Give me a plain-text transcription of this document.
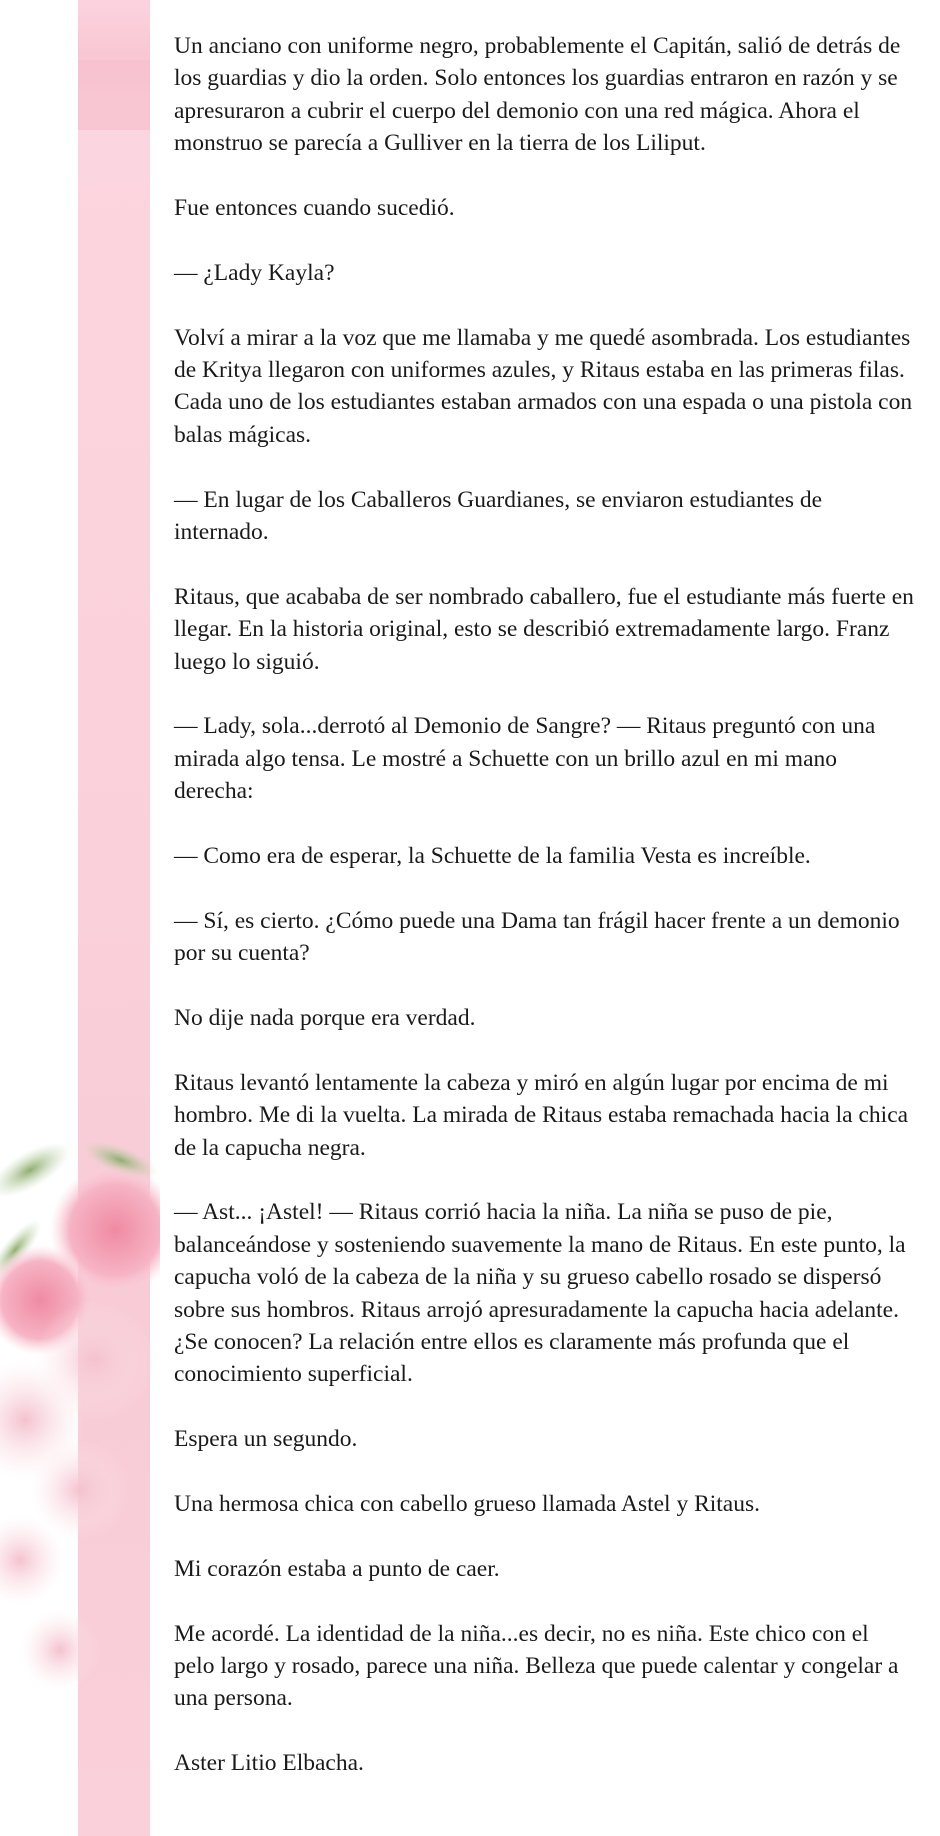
Un anciano con uniforme negro, probablemente el Capitán, salió de detrás de los guardias y dio la orden. Solo entonces los guardias entraron en razón y se apresuraron a cubrir el cuerpo del demonio con una red mágica. Ahora el monstruo se parecía a Gulliver en la tierra de los Liliput.

Fue entonces cuando sucedió.

— ¿Lady Kayla?

Volví a mirar a la voz que me llamaba y me quedé asombrada. Los estudiantes de Kritya llegaron con uniformes azules, y Ritaus estaba en las primeras filas. Cada uno de los estudiantes estaban armados con una espada o una pistola con balas mágicas.

— En lugar de los Caballeros Guardianes, se enviaron estudiantes de internado.

Ritaus, que acababa de ser nombrado caballero, fue el estudiante más fuerte en llegar. En la historia original, esto se describió extremadamente largo. Franz luego lo siguió.

— Lady, sola...derrotó al Demonio de Sangre? — Ritaus preguntó con una mirada algo tensa. Le mostré a Schuette con un brillo azul en mi mano derecha:

— Como era de esperar, la Schuette de la familia Vesta es increíble.

— Sí, es cierto. ¿Cómo puede una Dama tan frágil hacer frente a un demonio por su cuenta?

No dije nada porque era verdad.

Ritaus levantó lentamente la cabeza y miró en algún lugar por encima de mi hombro. Me di la vuelta. La mirada de Ritaus estaba remachada hacia la chica de la capucha negra.

— Ast... ¡Astel! — Ritaus corrió hacia la niña. La niña se puso de pie, balanceándose y sosteniendo suavemente la mano de Ritaus. En este punto, la capucha voló de la cabeza de la niña y su grueso cabello rosado se dispersó sobre sus hombros. Ritaus arrojó apresuradamente la capucha hacia adelante. ¿Se conocen? La relación entre ellos es claramente más profunda que el conocimiento superficial.

Espera un segundo.

Una hermosa chica con cabello grueso llamada Astel y Ritaus.

Mi corazón estaba a punto de caer.

Me acordé. La identidad de la niña...es decir, no es niña. Este chico con el pelo largo y rosado, parece una niña. Belleza que puede calentar y congelar a una persona.

Aster Litio Elbacha.
